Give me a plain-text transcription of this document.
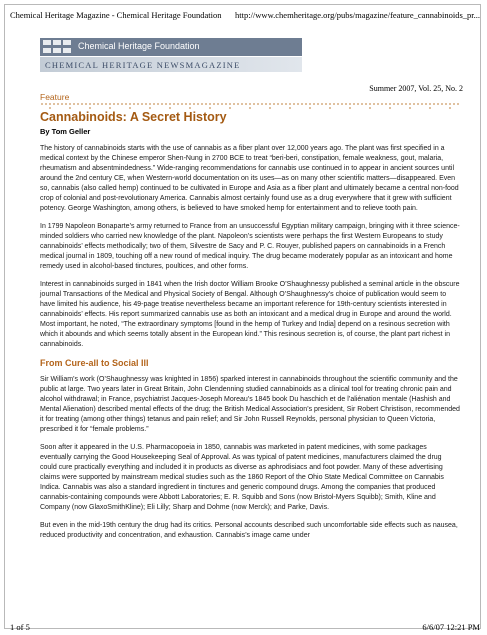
Chemical Heritage Magazine - Chemical Heritage Foundation http://www.chemheritage.org/pubs/magazine/feature_cannabinoids_pr...
Chemical Heritage Foundation
CHEMICAL HERITAGE NEWSMAGAZINE
Summer 2007, Vol. 25, No. 2
Feature
Cannabinoids: A Secret History
By Tom Geller

The history of cannabinoids starts with the use of cannabis as a fiber plant over 12,000 years ago. The plant was first specified in a medical context by the Chinese emperor Shen-Nung in 2700 BCE to treat “beri-beri, constipation, female weakness, gout, malaria, rheumatism and absentmindedness.” Wide-ranging recommendations for cannabis use continued in to appear in ancient sources until around the 2nd century CE, when Western-world documentation on its uses—as on many other scientific matters—disappeared. Even so, cannabis (also called hemp) continued to be cultivated in Europe and Asia as a fiber plant and ultimately became a central non-food crop of colonial and post-revolutionary America. Cannabis almost certainly found use as a drug everywhere that it grew with sufficient potency. George Washington, among others, is believed to have smoked hemp for entertainment and to relieve tooth pain.

In 1799 Napoleon Bonaparte’s army returned to France from an unsuccessful Egyptian military campaign, bringing with it three science-minded soldiers who carried new knowledge of the plant. Napoleon’s scientists were perhaps the first Western Europeans to study cannabinoids’ effects methodically; two of them, Silvestre de Sacy and P. C. Rouyer, published papers on cannabinoids in a French medical journal in 1809, touching off a new round of medical inquiry. The drug became moderately popular as an intoxicant and home remedy used in alcohol-based tinctures, poultices, and other forms.

Interest in cannabinoids surged in 1841 when the Irish doctor William Brooke O’Shaughnessy published a seminal article in the obscure journal Transactions of the Medical and Physical Society of Bengal. Although O’Shaughnessy’s choice of publication would seem to have limited his audience, his 49-page treatise nevertheless became an important reference for 19th-century scientists interested in cannabinoids’ effects. His report summarized cannabis use as both an intoxicant and a medical drug in Europe and around the world. Most important, he noted, “The extraordinary symptoms [found in the hemp of Turkey and India] depend on a resinous secretion with which it abounds and which seems totally absent in the European kind.” This resinous secretion is, of course, the plant part richest in cannabinoids.

From Cure-all to Social Ill

Sir William’s work (O’Shaughnessy was knighted in 1856) sparked interest in cannabinoids throughout the scientific community and the public at large. Two years later in Great Britain, John Clendenning studied cannabinoids as a clinical tool for treating chronic pain and alcohol withdrawal; in France, psychiatrist Jacques-Joseph Moreau’s 1845 book Du haschich et de l’aliénation mentale (Hashish and Mental Alienation) described mental effects of the drug; the British Medical Association’s president, Sir Robert Christison, recommended it for treating (among other things) tetanus and pain relief; and Sir John Russell Reynolds, personal physician to Queen Victoria, prescribed it for “female problems.”

Soon after it appeared in the U.S. Pharmacopoeia in 1850, cannabis was marketed in patent medicines, with some packages eventually carrying the Good Housekeeping Seal of Approval. As was typical of patent medicines, manufacturers claimed the drug could cure practically everything and included it in products as diverse as aphrodisiacs and foot powder. Many of these advertising claims were supported by mainstream medical studies such as the 1860 Report of the Ohio State Medical Committee on Cannabis Indica. Cannabis was also a standard ingredient in tinctures and generic compound drugs. Among the companies that produced cannabis-containing compounds were Abbott Laboratories; E. R. Squibb and Sons (now Bristol-Myers Squibb); Smith, Kline and Company (now GlaxoSmithKline); Eli Lilly; Sharp and Dohme (now Merck); and Parke, Davis.

But even in the mid-19th century the drug had its critics. Personal accounts described such uncomfortable side effects such as nausea, reduced productivity and concentration, and exhaustion. Cannabis’s image came under

1 of 5	6/6/07 12:21 PM
